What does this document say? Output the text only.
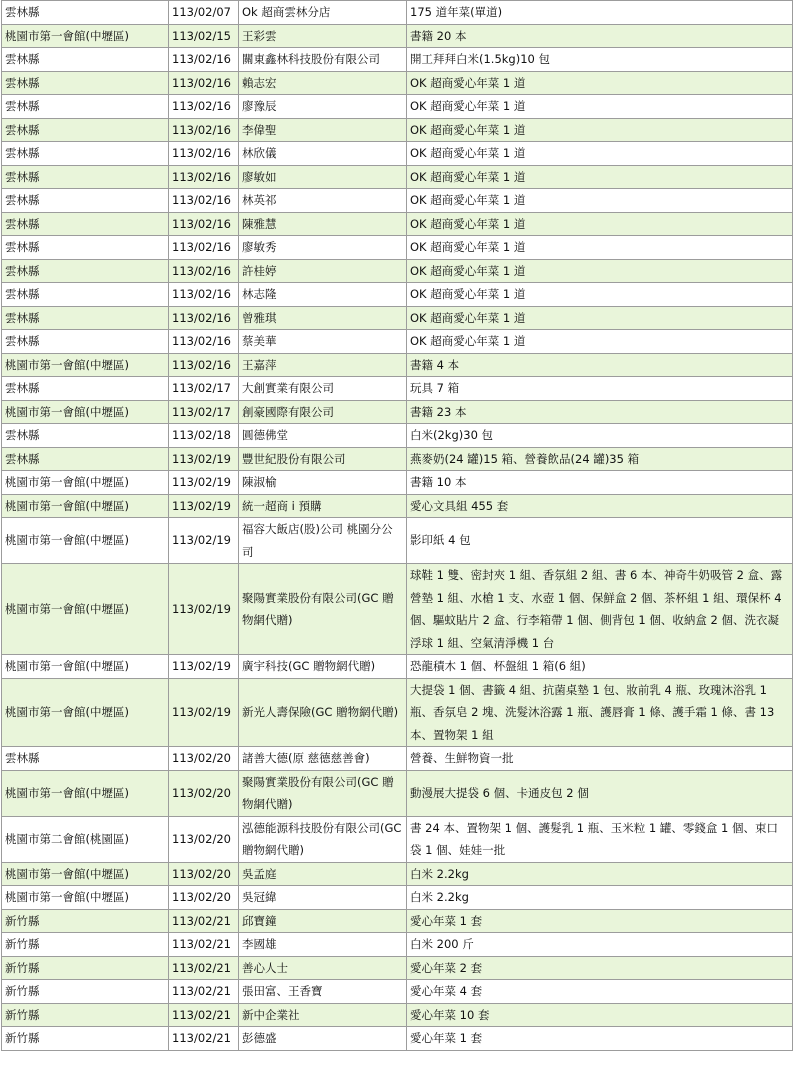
雲林縣	113/02/07	Ok 超商雲林分店	175 道年菜(單道)
桃園市第一會館(中壢區)	113/02/15	王彩雲	書籍 20 本
雲林縣	113/02/16	關東鑫林科技股份有限公司	開工拜拜白米(1.5kg)10 包
雲林縣	113/02/16	賴志宏	OK 超商愛心年菜 1 道
雲林縣	113/02/16	廖豫辰	OK 超商愛心年菜 1 道
雲林縣	113/02/16	李偉聖	OK 超商愛心年菜 1 道
雲林縣	113/02/16	林欣儀	OK 超商愛心年菜 1 道
雲林縣	113/02/16	廖敏如	OK 超商愛心年菜 1 道
雲林縣	113/02/16	林英祁	OK 超商愛心年菜 1 道
雲林縣	113/02/16	陳雅慧	OK 超商愛心年菜 1 道
雲林縣	113/02/16	廖敏秀	OK 超商愛心年菜 1 道
雲林縣	113/02/16	許桂婷	OK 超商愛心年菜 1 道
雲林縣	113/02/16	林志隆	OK 超商愛心年菜 1 道
雲林縣	113/02/16	曾雅琪	OK 超商愛心年菜 1 道
雲林縣	113/02/16	蔡美華	OK 超商愛心年菜 1 道
桃園市第一會館(中壢區)	113/02/16	王嘉萍	書籍 4 本
雲林縣	113/02/17	大創實業有限公司	玩具 7 箱
桃園市第一會館(中壢區)	113/02/17	創豪國際有限公司	書籍 23 本
雲林縣	113/02/18	圓德佛堂	白米(2kg)30 包
雲林縣	113/02/19	豐世紀股份有限公司	燕麥奶(24 罐)15 箱、營養飲品(24 罐)35 箱
桃園市第一會館(中壢區)	113/02/19	陳淑榆	書籍 10 本
桃園市第一會館(中壢區)	113/02/19	統一超商 i 預購	愛心文具組 455 套
桃園市第一會館(中壢區)	113/02/19	福容大飯店(股)公司 桃園分公司	影印紙 4 包
桃園市第一會館(中壢區)	113/02/19	聚陽實業股份有限公司(GC 贈物網代贈)	球鞋 1 雙、密封夾 1 組、香氛組 2 組、書 6 本、神奇牛奶吸管 2 盒、露營墊 1 組、水槍 1 支、水壺 1 個、保鮮盒 2 個、茶杯組 1 組、環保杯 4 個、驅蚊貼片 2 盒、行李箱帶 1 個、側背包 1 個、收納盒 2 個、洗衣凝浮球 1 組、空氣清淨機 1 台
桃園市第一會館(中壢區)	113/02/19	廣宇科技(GC 贈物網代贈)	恐龍積木 1 個、杯盤組 1 箱(6 組)
桃園市第一會館(中壢區)	113/02/19	新光人壽保險(GC 贈物網代贈)	大提袋 1 個、書籤 4 組、抗菌桌墊 1 包、妝前乳 4 瓶、玫瑰沐浴乳 1 瓶、香氛皂 2 塊、洗髮沐浴露 1 瓶、護唇膏 1 條、護手霜 1 條、書 13 本、置物架 1 組
雲林縣	113/02/20	諸善大德(原 慈德慈善會)	營養、生鮮物資一批
桃園市第一會館(中壢區)	113/02/20	聚陽實業股份有限公司(GC 贈物網代贈)	動漫展大提袋 6 個、卡通皮包 2 個
桃園市第二會館(桃園區)	113/02/20	泓德能源科技股份有限公司(GC 贈物網代贈)	書 24 本、置物架 1 個、護髮乳 1 瓶、玉米粒 1 罐、零錢盒 1 個、束口袋 1 個、娃娃一批
桃園市第一會館(中壢區)	113/02/20	吳孟庭	白米 2.2kg
桃園市第一會館(中壢區)	113/02/20	吳冠緯	白米 2.2kg
新竹縣	113/02/21	邱寶鐘	愛心年菜 1 套
新竹縣	113/02/21	李國雄	白米 200 斤
新竹縣	113/02/21	善心人士	愛心年菜 2 套
新竹縣	113/02/21	張田富、王香寶	愛心年菜 4 套
新竹縣	113/02/21	新中企業社	愛心年菜 10 套
新竹縣	113/02/21	彭德盛	愛心年菜 1 套
